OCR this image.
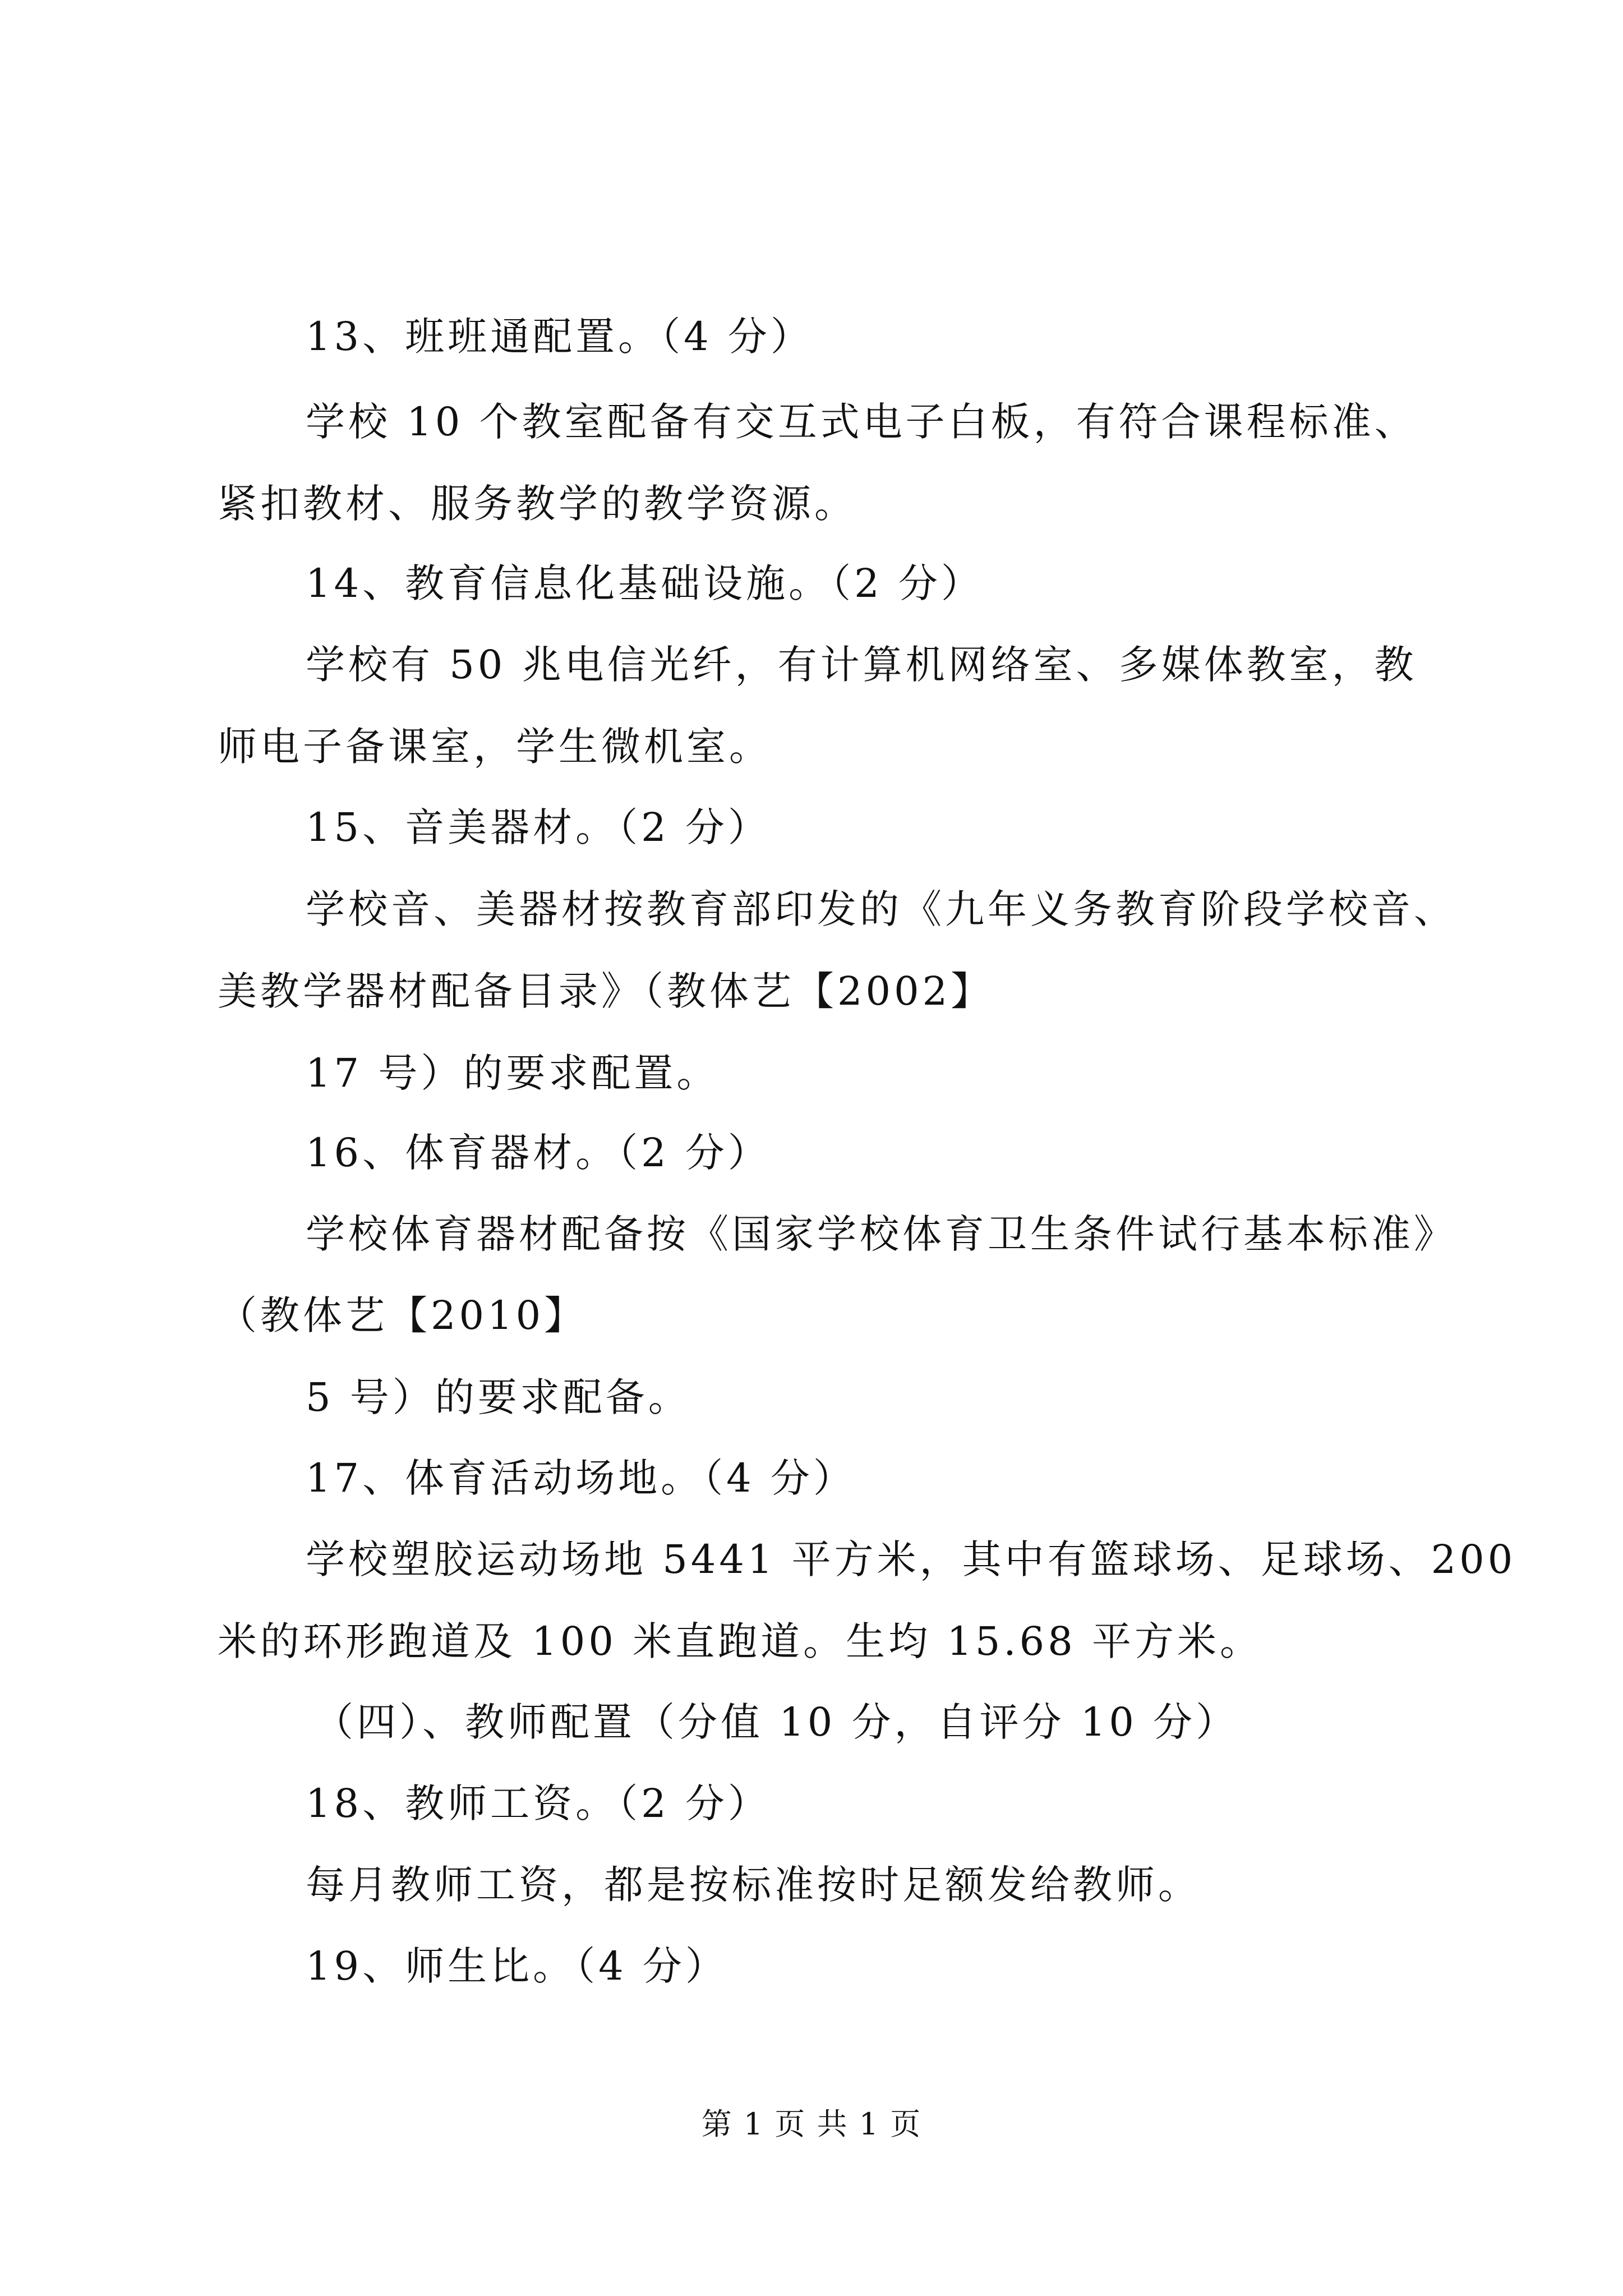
13、班班通配置。（4 分）
学校 10 个教室配备有交互式电子白板，有符合课程标准、
紧扣教材、服务教学的教学资源。
14、教育信息化基础设施。（2 分）
学校有 50 兆电信光纤，有计算机网络室、多媒体教室，教
师电子备课室，学生微机室。
15、音美器材。（2 分）
学校音、美器材按教育部印发的《九年义务教育阶段学校音、
美教学器材配备目录》（教体艺【2002】
17 号）的要求配置。
16、体育器材。（2 分）
学校体育器材配备按《国家学校体育卫生条件试行基本标准》
（教体艺【2010】
5 号）的要求配备。
17、体育活动场地。（4 分）
学校塑胶运动场地 5441 平方米，其中有篮球场、足球场、200
米的环形跑道及 100 米直跑道。生均 15.68 平方米。
（四）、教师配置（分值 10 分，自评分 10 分）
18、教师工资。（2 分）
每月教师工资，都是按标准按时足额发给教师。
19、师生比。（4 分）
第 1 页 共 1 页
